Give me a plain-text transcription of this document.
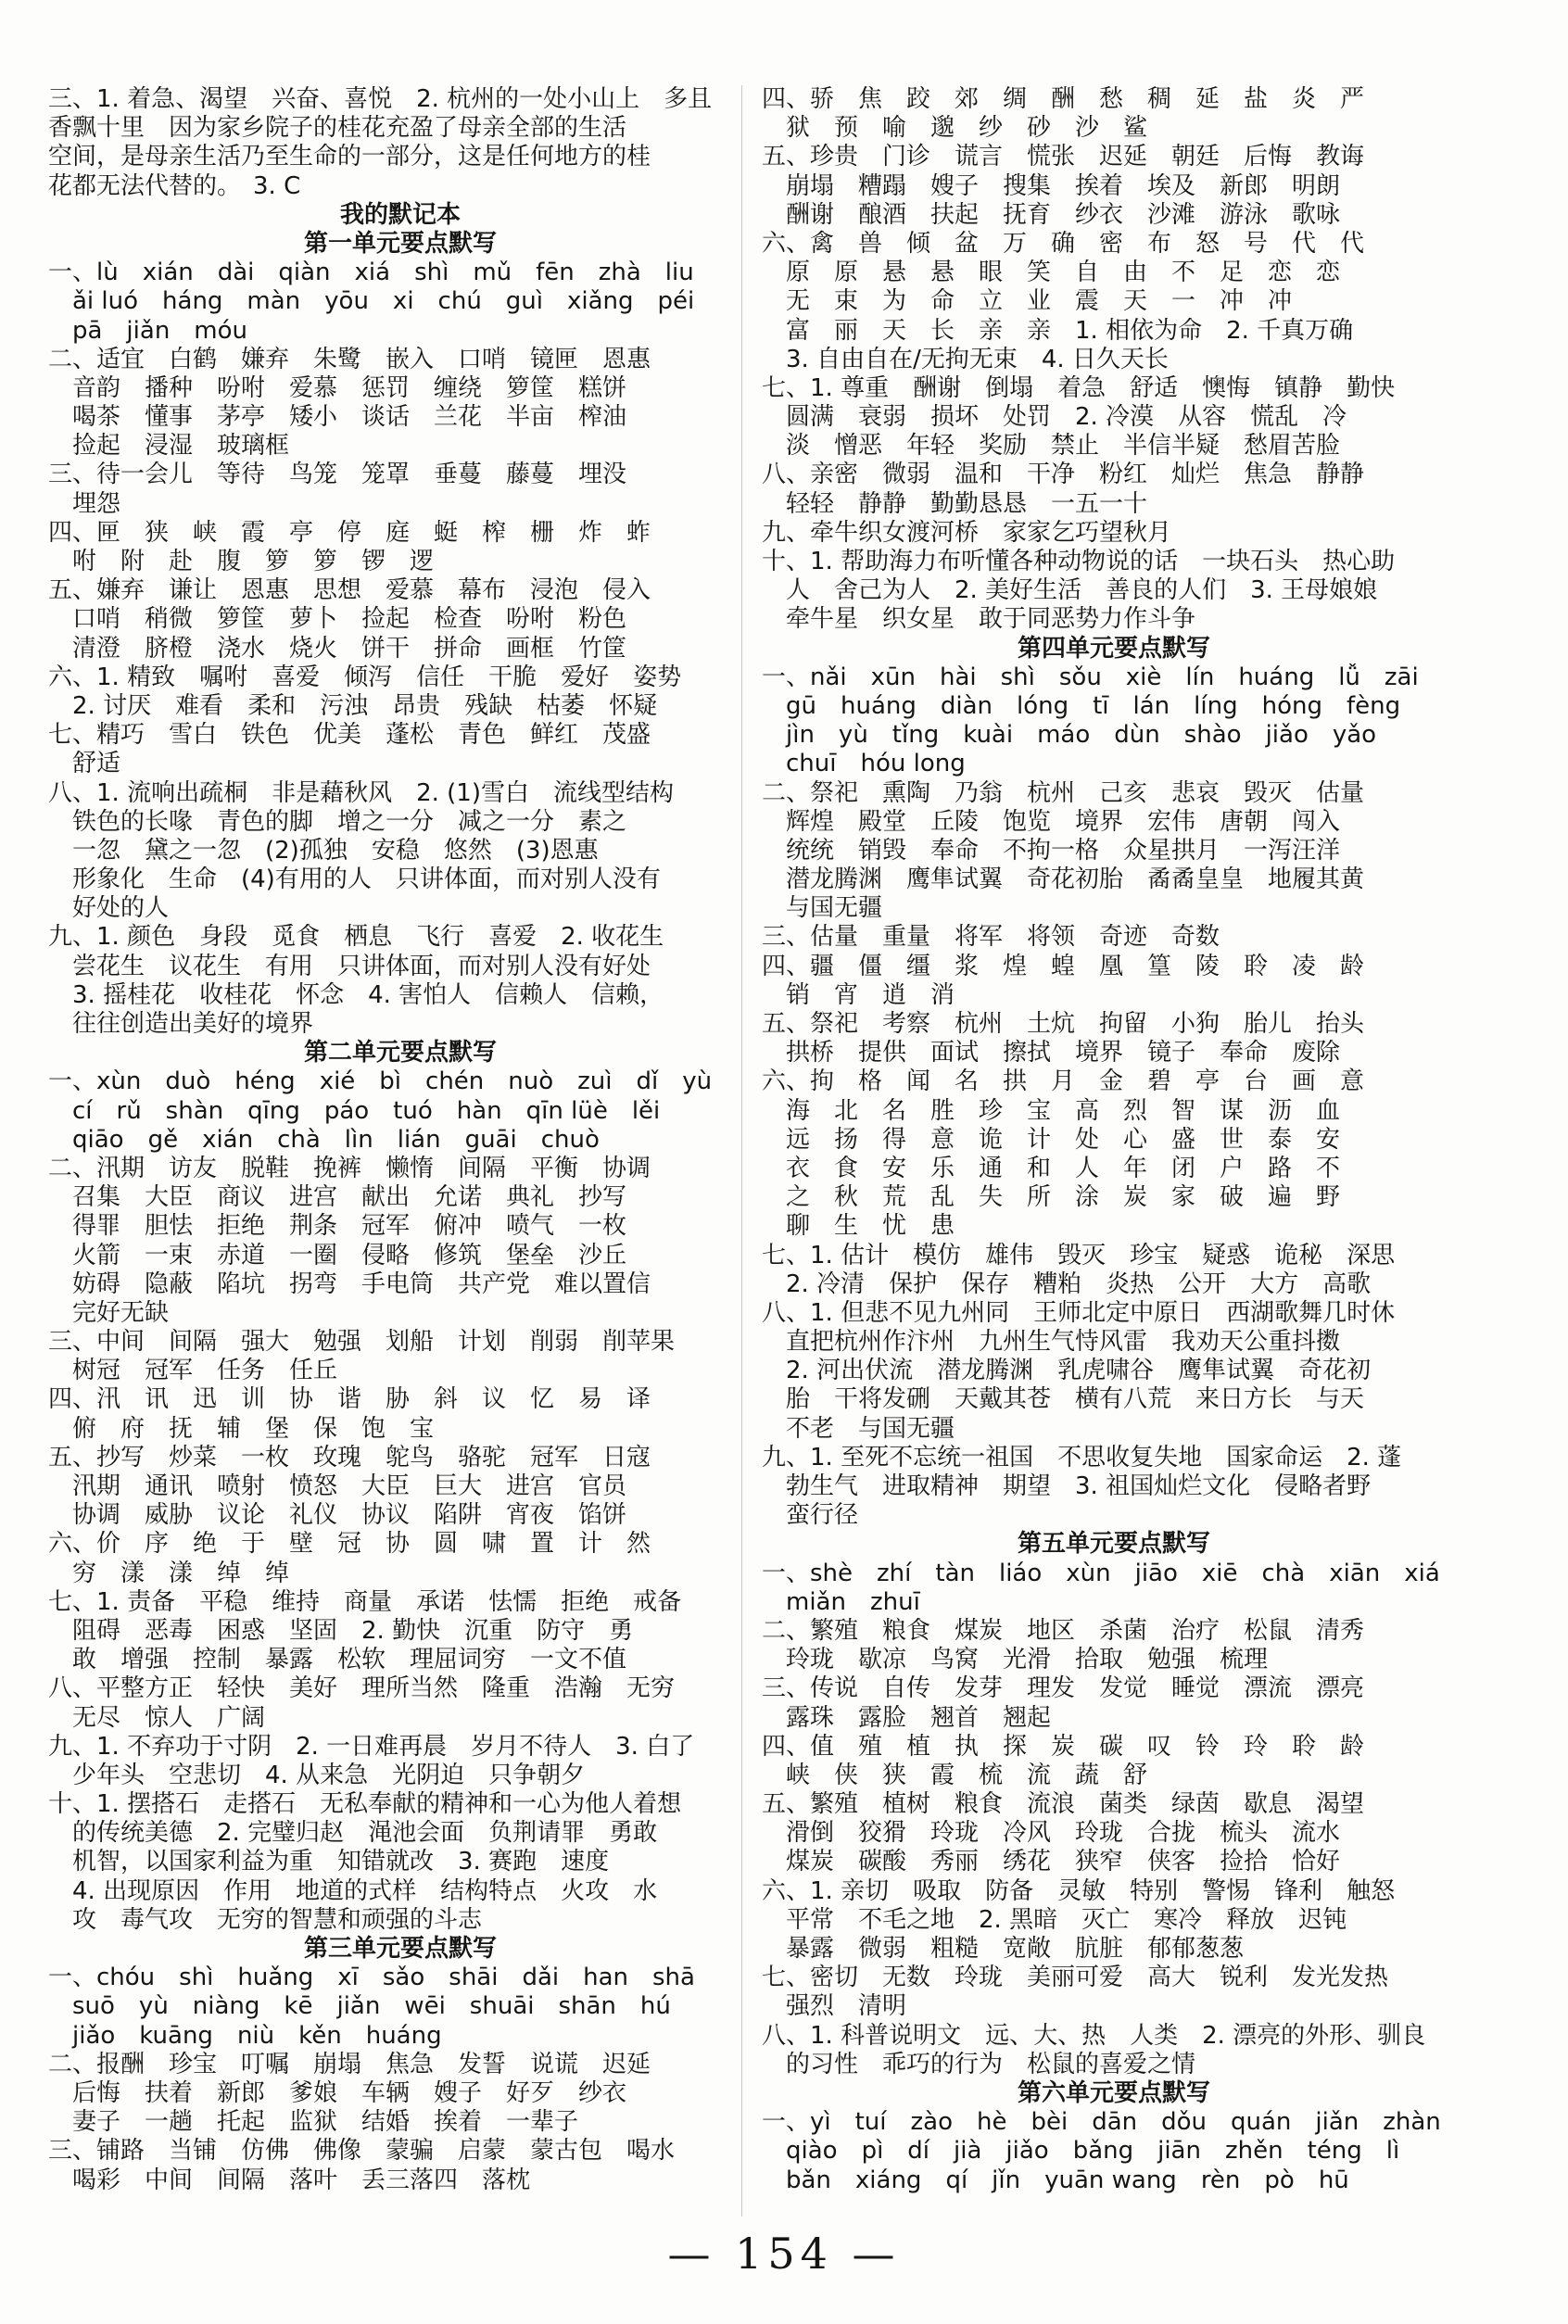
三、1. 着急、渴望　兴奋、喜悦　2. 杭州的一处小山上　多且
香飘十里　因为家乡院子的桂花充盈了母亲全部的生活
空间，是母亲生活乃至生命的一部分，这是任何地方的桂
花都无法代替的。　3. C
我的默记本
第一单元要点默写
一、lù　xián　dài　qiàn　xiá　shì　mǔ　fēn　zhà　liu
　ǎi luó　háng　màn　yōu　xi　chú　guì　xiǎng　péi
　pā　jiǎn　móu
二、适宜　白鹤　嫌弃　朱鹭　嵌入　口哨　镜匣　恩惠
　音韵　播种　吩咐　爱慕　惩罚　缠绕　箩筐　糕饼
　喝茶　懂事　茅亭　矮小　谈话　兰花　半亩　榨油
　捡起　浸湿　玻璃框
三、待一会儿　等待　鸟笼　笼罩　垂蔓　藤蔓　埋没
　埋怨
四、匣　狭　峡　霞　亭　停　庭　蜓　榨　栅　炸　蚱
　咐　附　赴　腹　箩　箩　锣　逻
五、嫌弃　谦让　恩惠　思想　爱慕　幕布　浸泡　侵入
　口哨　稍微　箩筐　萝卜　捡起　检查　吩咐　粉色
　清澄　脐橙　浇水　烧火　饼干　拼命　画框　竹筐
六、1. 精致　嘱咐　喜爱　倾泻　信任　干脆　爱好　姿势
　2. 讨厌　难看　柔和　污浊　昂贵　残缺　枯萎　怀疑
七、精巧　雪白　铁色　优美　蓬松　青色　鲜红　茂盛
　舒适
八、1. 流响出疏桐　非是藉秋风　2. (1)雪白　流线型结构
　铁色的长喙　青色的脚　增之一分　减之一分　素之
　一忽　黛之一忽　(2)孤独　安稳　悠然　(3)恩惠
　形象化　生命　(4)有用的人　只讲体面，而对别人没有
　好处的人
九、1. 颜色　身段　觅食　栖息　飞行　喜爱　2. 收花生
　尝花生　议花生　有用　只讲体面，而对别人没有好处
　3. 摇桂花　收桂花　怀念　4. 害怕人　信赖人　信赖，
　往往创造出美好的境界
第二单元要点默写
一、xùn　duò　héng　xié　bì　chén　nuò　zuì　dǐ　yù
　cí　rǔ　shàn　qīng　páo　tuó　hàn　qīn lüè　lěi
　qiāo　gě　xián　chà　lìn　lián　guāi　chuò
二、汛期　访友　脱鞋　挽裤　懒惰　间隔　平衡　协调
　召集　大臣　商议　进宫　献出　允诺　典礼　抄写
　得罪　胆怯　拒绝　荆条　冠军　俯冲　喷气　一枚
　火箭　一束　赤道　一圈　侵略　修筑　堡垒　沙丘
　妨碍　隐蔽　陷坑　拐弯　手电筒　共产党　难以置信
　完好无缺
三、中间　间隔　强大　勉强　划船　计划　削弱　削苹果
　树冠　冠军　任务　任丘
四、汛　讯　迅　训　协　谐　胁　斜　议　忆　易　译
　俯　府　抚　辅　堡　保　饱　宝
五、抄写　炒菜　一枚　玫瑰　鸵鸟　骆驼　冠军　日寇
　汛期　通讯　喷射　愤怒　大臣　巨大　进宫　官员
　协调　威胁　议论　礼仪　协议　陷阱　宵夜　馅饼
六、价　序　绝　于　壁　冠　协　圆　啸　置　计　然
　穷　漾　漾　绰　绰
七、1. 责备　平稳　维持　商量　承诺　怯懦　拒绝　戒备
　阻碍　恶毒　困惑　坚固　2. 勤快　沉重　防守　勇
　敢　增强　控制　暴露　松软　理屈词穷　一文不值
八、平整方正　轻快　美好　理所当然　隆重　浩瀚　无穷
　无尽　惊人　广阔
九、1. 不弃功于寸阴　2. 一日难再晨　岁月不待人　3. 白了
　少年头　空悲切　4. 从来急　光阴迫　只争朝夕
十、1. 摆搭石　走搭石　无私奉献的精神和一心为他人着想
　的传统美德　2. 完璧归赵　渑池会面　负荆请罪　勇敢
　机智，以国家利益为重　知错就改　3. 赛跑　速度
　4. 出现原因　作用　地道的式样　结构特点　火攻　水
　攻　毒气攻　无穷的智慧和顽强的斗志
第三单元要点默写
一、chóu　shì　huǎng　xī　sǎo　shāi　dǎi　han　shā
　suō　yù　niàng　kē　jiǎn　wēi　shuāi　shān　hú
　jiǎo　kuāng　niù　kěn　huáng
二、报酬　珍宝　叮嘱　崩塌　焦急　发誓　说谎　迟延
　后悔　扶着　新郎　爹娘　车辆　嫂子　好歹　纱衣
　妻子　一趟　托起　监狱　结婚　挨着　一辈子
三、铺路　当铺　仿佛　佛像　蒙骗　启蒙　蒙古包　喝水
　喝彩　中间　间隔　落叶　丢三落四　落枕
四、骄　焦　跤　郊　绸　酬　愁　稠　延　盐　炎　严
　狱　预　喻　邈　纱　砂　沙　鲨
五、珍贵　门诊　谎言　慌张　迟延　朝廷　后悔　教诲
　崩塌　糟蹋　嫂子　搜集　挨着　埃及　新郎　明朗
　酬谢　酿酒　扶起　抚育　纱衣　沙滩　游泳　歌咏
六、禽　兽　倾　盆　万　确　密　布　怒　号　代　代
　原　原　悬　悬　眼　笑　自　由　不　足　恋　恋
　无　束　为　命　立　业　震　天　一　冲　冲
　富　丽　天　长　亲　亲　1. 相依为命　2. 千真万确
　3. 自由自在/无拘无束　4. 日久天长
七、1. 尊重　酬谢　倒塌　着急　舒适　懊悔　镇静　勤快
　圆满　衰弱　损坏　处罚　2. 冷漠　从容　慌乱　冷
　淡　憎恶　年轻　奖励　禁止　半信半疑　愁眉苦脸
八、亲密　微弱　温和　干净　粉红　灿烂　焦急　静静
　轻轻　静静　勤勤恳恳　一五一十
九、牵牛织女渡河桥　家家乞巧望秋月
十、1. 帮助海力布听懂各种动物说的话　一块石头　热心助
　人　舍己为人　2. 美好生活　善良的人们　3. 王母娘娘
　牵牛星　织女星　敢于同恶势力作斗争
第四单元要点默写
一、nǎi　xūn　hài　shì　sǒu　xiè　lín　huáng　lǚ　zāi
　gū　huáng　diàn　lóng　tī　lán　líng　hóng　fèng
　jìn　yù　tǐng　kuài　máo　dùn　shào　jiǎo　yǎo
　chuī　hóu long
二、祭祀　熏陶　乃翁　杭州　己亥　悲哀　毁灭　估量
　辉煌　殿堂　丘陵　饱览　境界　宏伟　唐朝　闯入
　统统　销毁　奉命　不拘一格　众星拱月　一泻汪洋
　潜龙腾渊　鹰隼试翼　奇花初胎　矞矞皇皇　地履其黄
　与国无疆
三、估量　重量　将军　将领　奇迹　奇数
四、疆　僵　缰　浆　煌　蝗　凰　篁　陵　聆　凌　龄
　销　宵　逍　消
五、祭祀　考察　杭州　土炕　拘留　小狗　胎儿　抬头
　拱桥　提供　面试　擦拭　境界　镜子　奉命　废除
六、拘　格　闻　名　拱　月　金　碧　亭　台　画　意
　海　北　名　胜　珍　宝　高　烈　智　谋　沥　血
　远　扬　得　意　诡　计　处　心　盛　世　泰　安
　衣　食　安　乐　通　和　人　年　闭　户　路　不
　之　秋　荒　乱　失　所　涂　炭　家　破　遍　野
　聊　生　忧　患
七、1. 估计　模仿　雄伟　毁灭　珍宝　疑惑　诡秘　深思
　2. 冷清　保护　保存　糟粕　炎热　公开　大方　高歌
八、1. 但悲不见九州同　王师北定中原日　西湖歌舞几时休
　直把杭州作汴州　九州生气恃风雷　我劝天公重抖擞
　2. 河出伏流　潜龙腾渊　乳虎啸谷　鹰隼试翼　奇花初
　胎　干将发硎　天戴其苍　横有八荒　来日方长　与天
　不老　与国无疆
九、1. 至死不忘统一祖国　不思收复失地　国家命运　2. 蓬
　勃生气　进取精神　期望　3. 祖国灿烂文化　侵略者野
　蛮行径
第五单元要点默写
一、shè　zhí　tàn　liáo　xùn　jiāo　xiē　chà　xiān　xiá
　miǎn　zhuī
二、繁殖　粮食　煤炭　地区　杀菌　治疗　松鼠　清秀
　玲珑　歇凉　鸟窝　光滑　拾取　勉强　梳理
三、传说　自传　发芽　理发　发觉　睡觉　漂流　漂亮
　露珠　露脸　翘首　翘起
四、值　殖　植　执　探　炭　碳　叹　铃　玲　聆　龄
　峡　侠　狭　霞　梳　流　蔬　舒
五、繁殖　植树　粮食　流浪　菌类　绿茵　歇息　渴望
　滑倒　狡猾　玲珑　冷风　玲珑　合拢　梳头　流水
　煤炭　碳酸　秀丽　绣花　狭窄　侠客　捡拾　恰好
六、1. 亲切　吸取　防备　灵敏　特别　警惕　锋利　触怒
　平常　不毛之地　2. 黑暗　灭亡　寒冷　释放　迟钝
　暴露　微弱　粗糙　宽敞　肮脏　郁郁葱葱
七、密切　无数　玲珑　美丽可爱　高大　锐利　发光发热
　强烈　清明
八、1. 科普说明文　远、大、热　人类　2. 漂亮的外形、驯良
　的习性　乖巧的行为　松鼠的喜爱之情
第六单元要点默写
一、yì　tuí　zào　hè　bèi　dān　dǒu　quán　jiǎn　zhàn
　qiào　pì　dí　jià　jiǎo　bǎng　jiān　zhěn　téng　lì
　bǎn　xiáng　qí　jǐn　yuān wang　rèn　pò　hū
— 154 —
